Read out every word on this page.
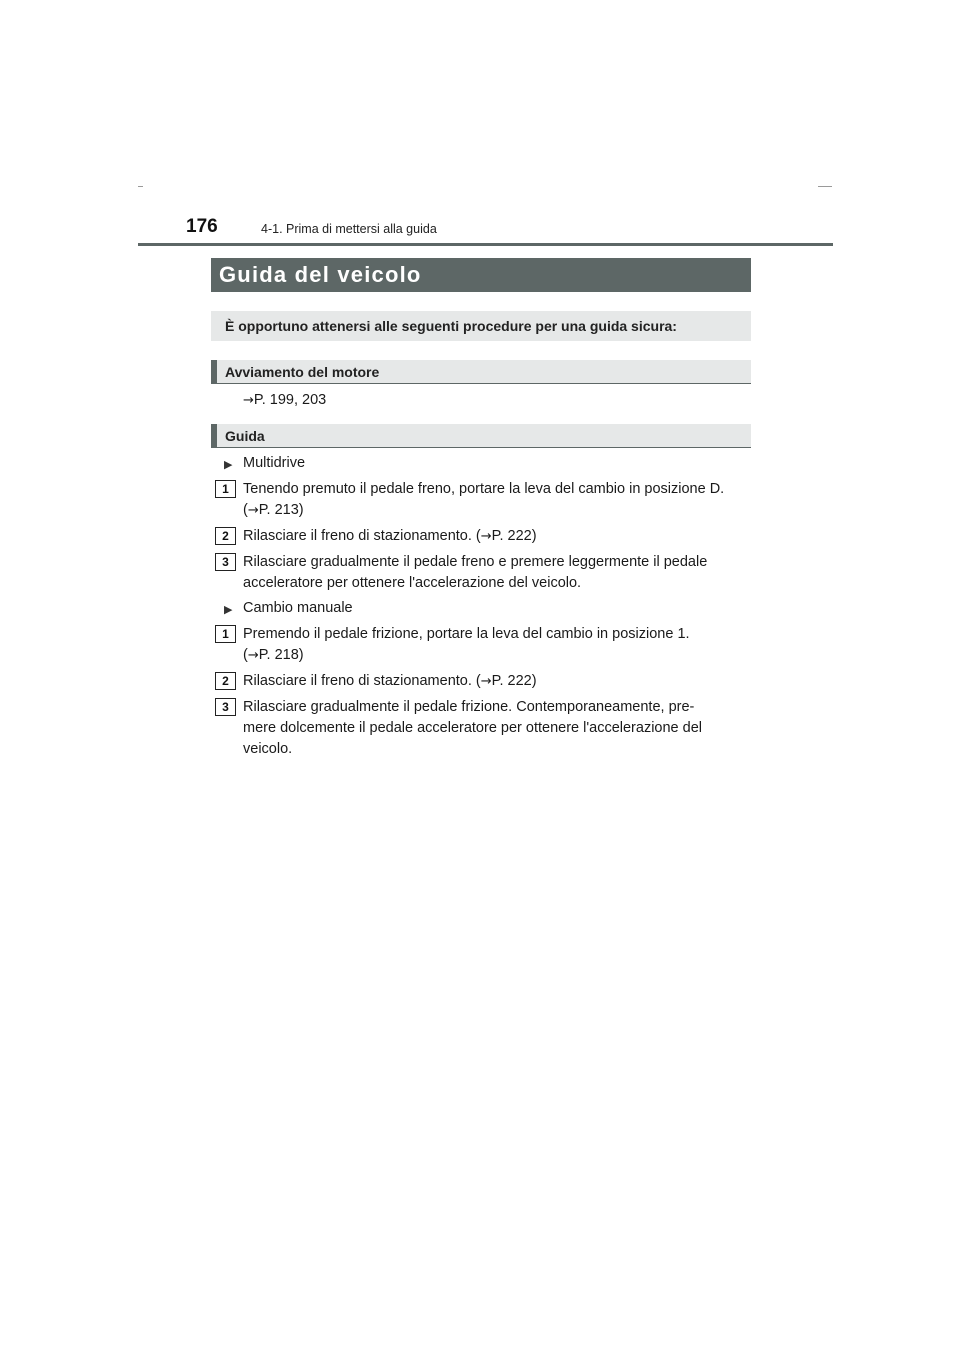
176	4-1. Prima di mettersi alla guida
Guida del veicolo
È opportuno attenersi alle seguenti procedure per una guida sicura:
Avviamento del motore

→P. 199, 203

Guida
▶ Multidrive
1 Tenendo premuto il pedale freno, portare la leva del cambio in posizione D.
(→P. 213)

2 Rilasciare il freno di stazionamento. (→P. 222)

3 Rilasciare gradualmente il pedale freno e premere leggermente il pedale
acceleratore per ottenere l'accelerazione del veicolo.

▶ Cambio manuale
1 Premendo il pedale frizione, portare la leva del cambio in posizione 1.
(→P. 218)

2 Rilasciare il freno di stazionamento. (→P. 222)

3 Rilasciare gradualmente il pedale frizione. Contemporaneamente, pre-
mere dolcemente il pedale acceleratore per ottenere l'accelerazione del
veicolo.
